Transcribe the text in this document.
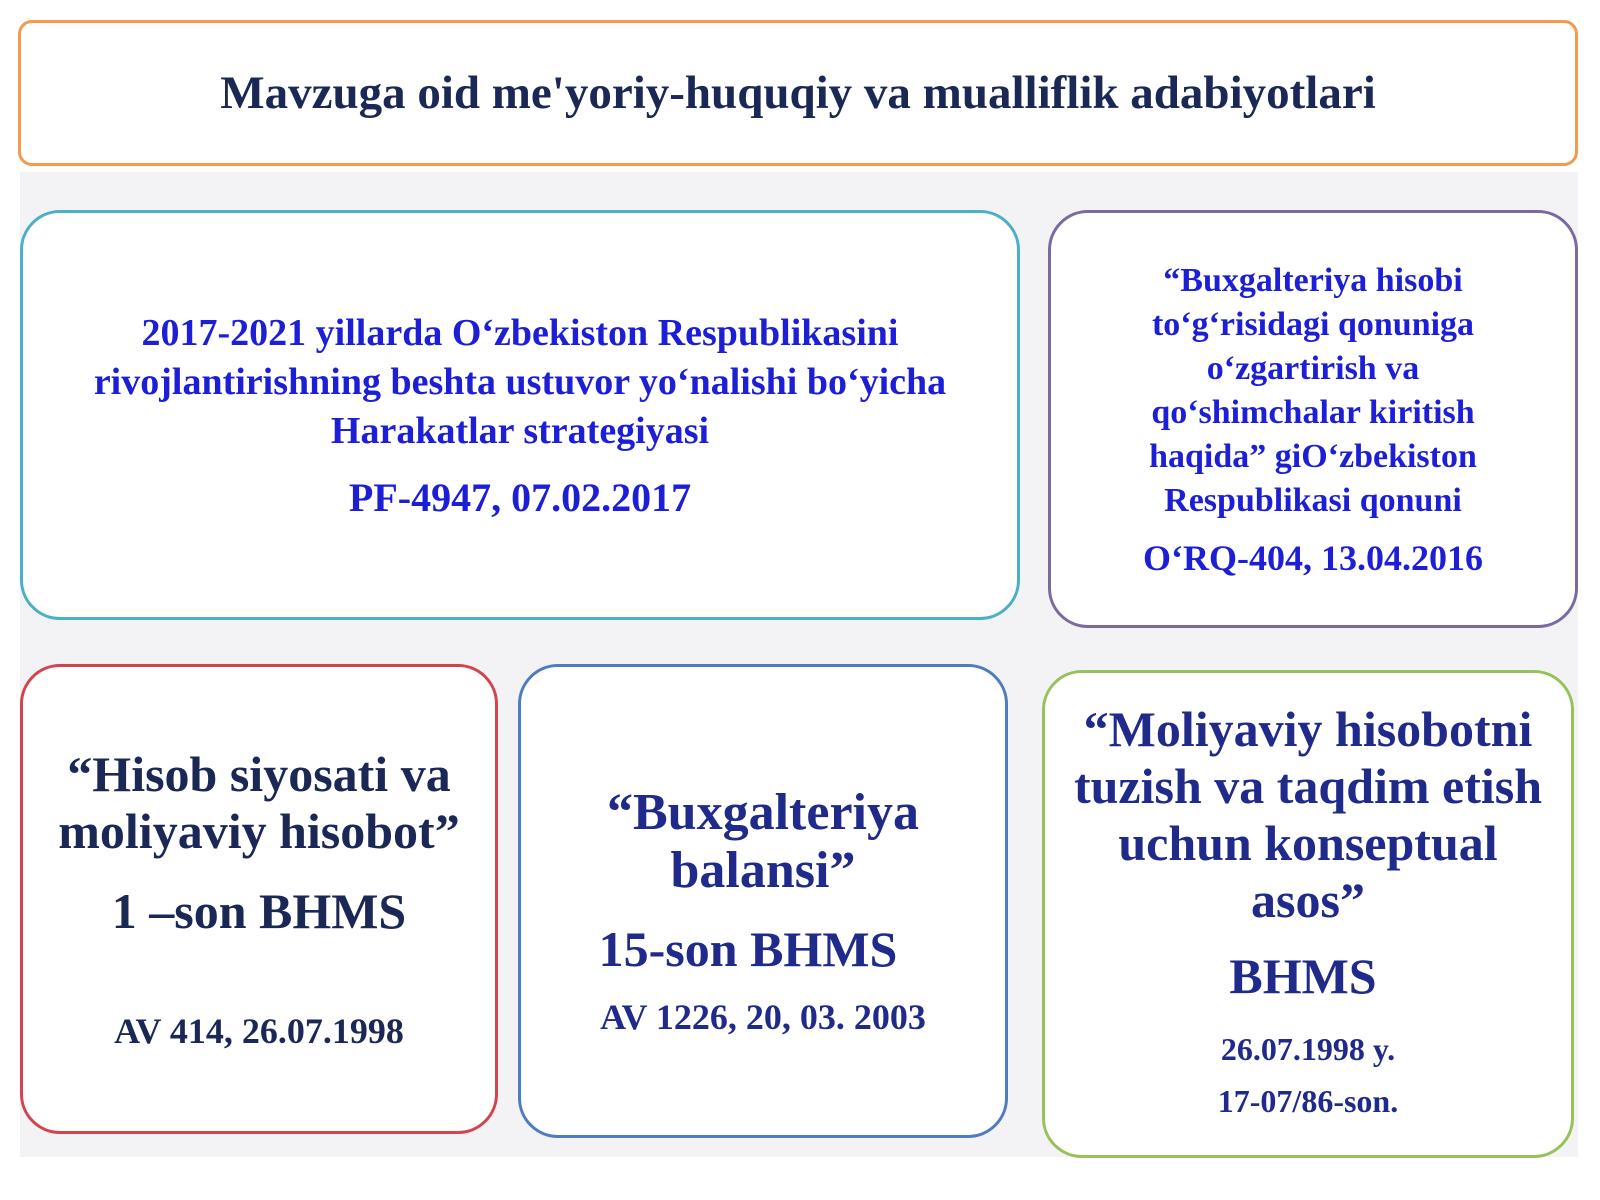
Mavzuga oid me'yoriy-huquqiy va mualliflik adabiyotlari
2017-2021 yillarda O‘zbekiston Respublikasini rivojlantirishning beshta ustuvor yo‘nalishi bo‘yicha Harakatlar strategiyasi
PF-4947, 07.02.2017
“Buxgalteriya hisobi to‘g‘risidagi qonuniga o‘zgartirish va qo‘shimchalar kiritish haqida” giO‘zbekiston Respublikasi qonuni
O‘RQ-404, 13.04.2016
“Hisob siyosati va moliyaviy hisobot”
1 –son BHMS
AV 414, 26.07.1998
“Buxgalteriya balansi”
15-son BHMS
AV 1226, 20, 03. 2003
“Moliyaviy hisobotni tuzish va taqdim etish uchun konseptual asos”
BHMS
26.07.1998 y.
17-07/86-son.
